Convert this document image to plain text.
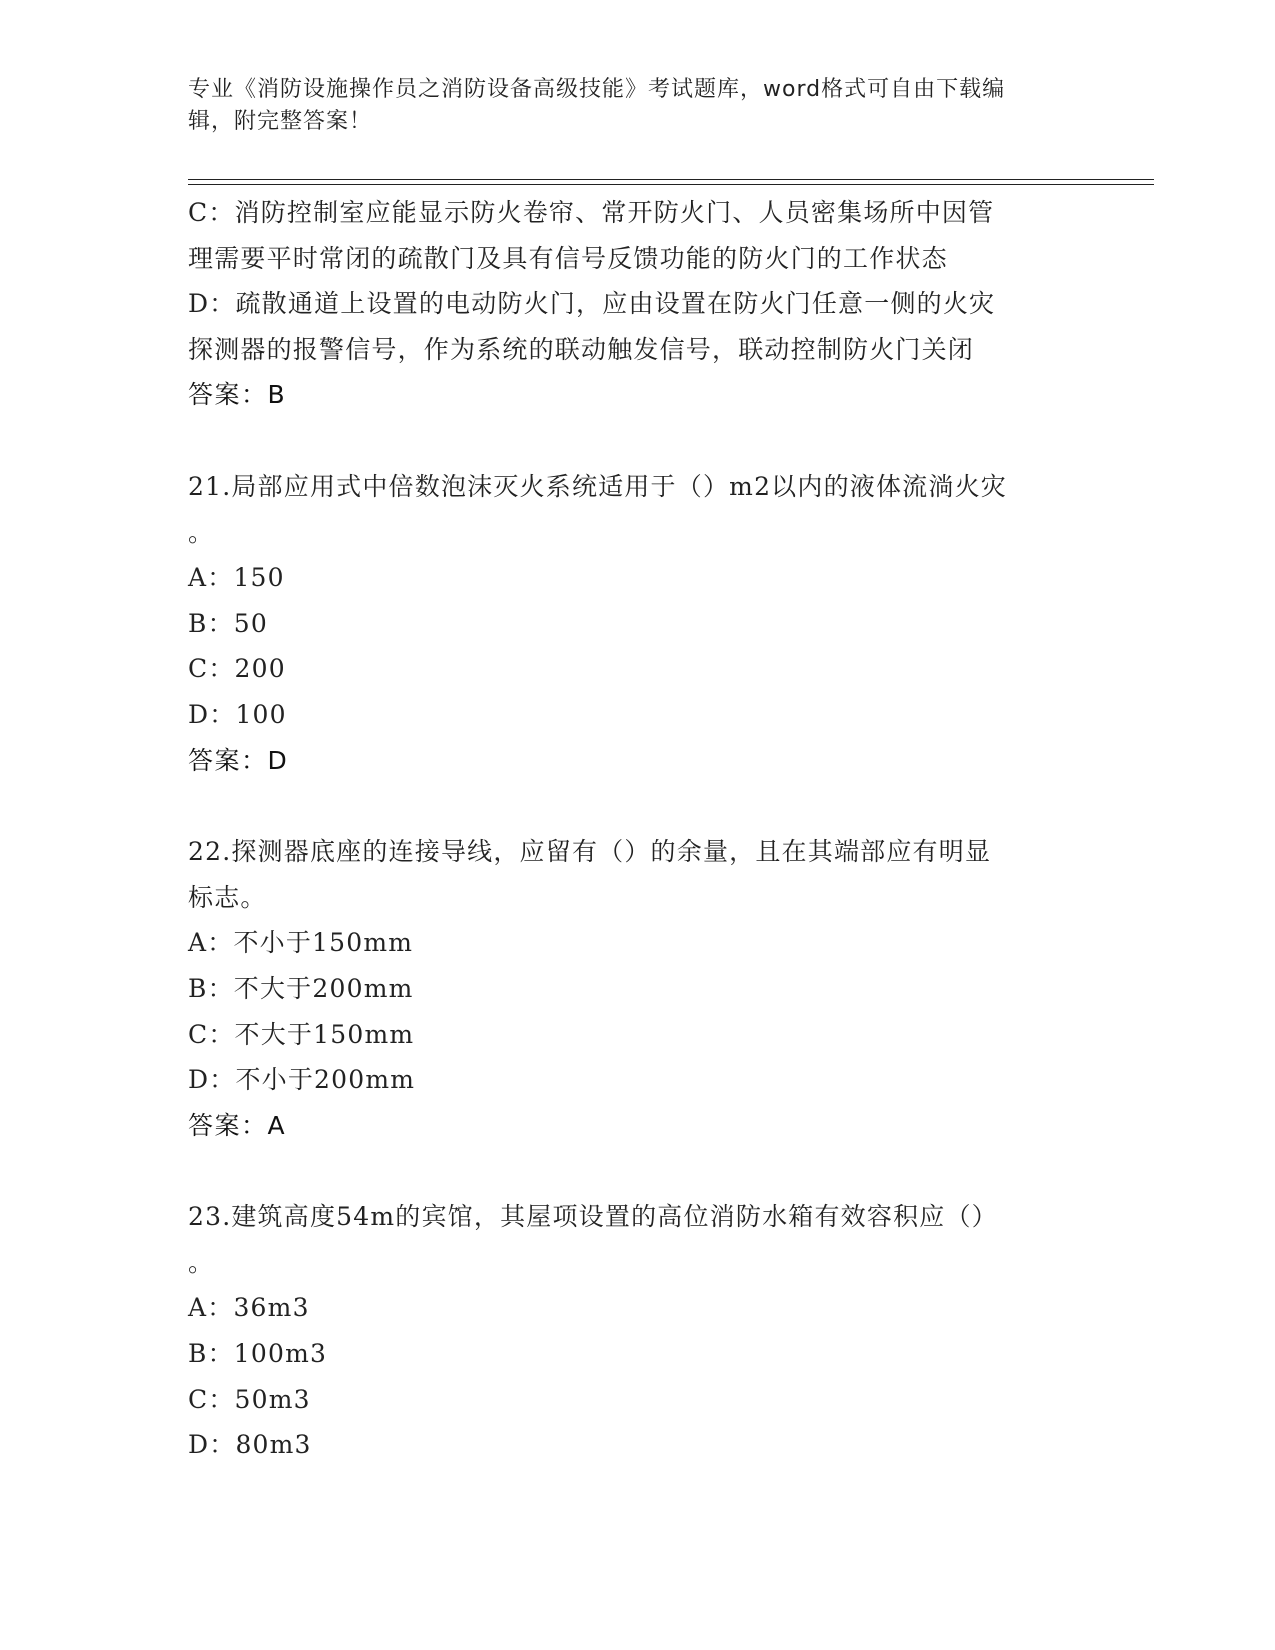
专业《消防设施操作员之消防设备高级技能》考试题库，word格式可自由下载编
辑，附完整答案！
C：消防控制室应能显示防火卷帘、常开防火门、人员密集场所中因管
理需要平时常闭的疏散门及具有信号反馈功能的防火门的工作状态
D：疏散通道上设置的电动防火门，应由设置在防火门任意一侧的火灾
探测器的报警信号，作为系统的联动触发信号，联动控制防火门关闭
答案：B
21.局部应用式中倍数泡沫灭火系统适用于（）m2以内的液体流淌火灾
。
A：150
B：50
C：200
D：100
答案：D
22.探测器底座的连接导线，应留有（）的余量，且在其端部应有明显
标志。
A：不小于150mm
B：不大于200mm
C：不大于150mm
D：不小于200mm
答案：A
23.建筑高度54m的宾馆，其屋项设置的高位消防水箱有效容积应（）
。
A：36m3
B：100m3
C：50m3
D：80m3
